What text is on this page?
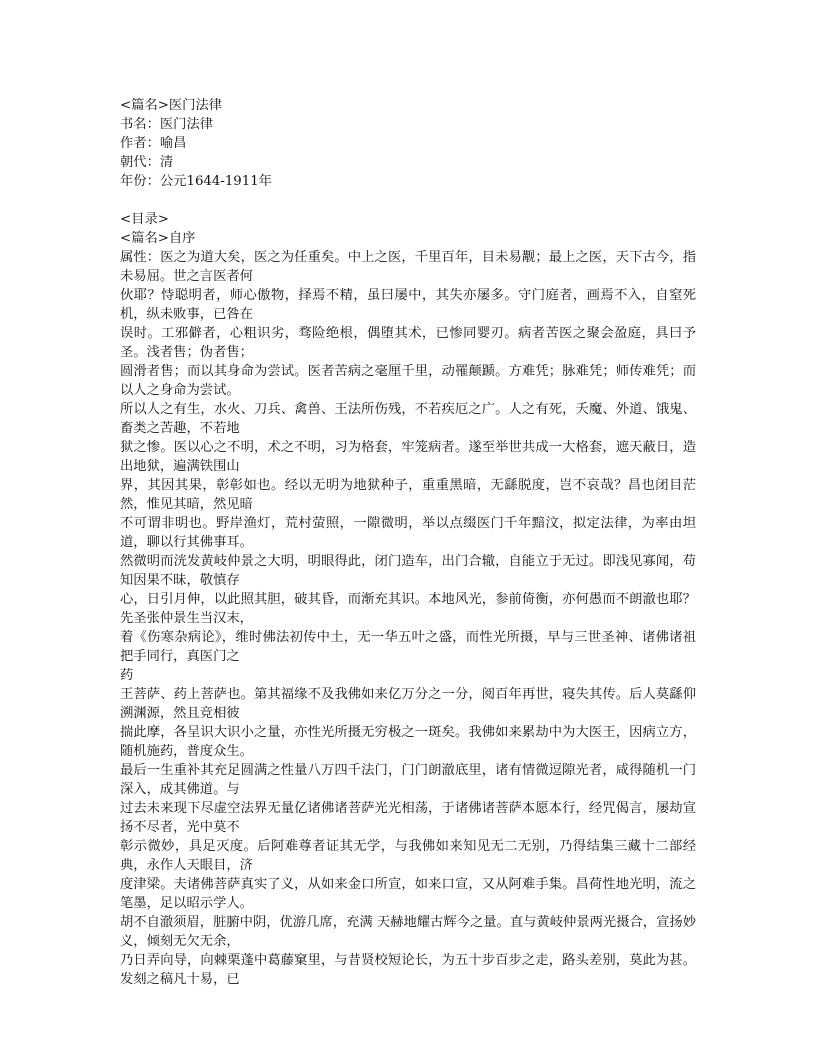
<篇名>医门法律
书名：医门法律
作者：喻昌
朝代：清
年份：公元1644-1911年
<目录>
<篇名>自序
属性：医之为道大矣，医之为任重矣。中上之医，千里百年，目未易觏；最上之医，天下古今，指未易屈。世之言医者何
伙耶？恃聪明者，师心傲物，择焉不精，虽曰屡中，其失亦屡多。守门庭者，画焉不入，自窒死机，纵未败事，已咎在
误时。工邪僻者，心粗识劣，骛险绝根，偶堕其术，已惨同婴刃。病者苦医之聚会盈庭，具曰予圣。浅者售；伪者售；
圆滑者售；而以其身命为尝试。医者苦病之毫厘千里，动罹颠踬。方难凭；脉难凭；师传难凭；而以人之身命为尝试。
所以人之有生，水火、刀兵、禽兽、王法所伤残，不若疾厄之广。人之有死，夭魔、外道、饿鬼、畜类之苦趣，不若地
狱之惨。医以心之不明，术之不明，习为格套，牢笼病者。遂至举世共成一大格套，遮天蔽日，造出地狱，遍满铁围山
界，其因其果，彰彰如也。经以无明为地狱种子，重重黑暗，无繇脱度，岂不哀哉？昌也闭目茫然，惟见其暗，然见暗
不可谓非明也。野岸渔灯，荒村萤照，一隙微明，举以点缀医门千年黯汶，拟定法律，为率由坦道，聊以行其佛事耳。
然微明而洸发黄岐仲景之大明，明眼得此，闭门造车，出门合辙，自能立于无过。即浅见寡闻，苟知因果不昧，敬慎存
心，日引月伸，以此照其胆，破其昏，而渐充其识。本地风光，参前倚衡，亦何愚而不朗澈也耶？先圣张仲景生当汉末，
着《伤寒杂病论》，维时佛法初传中土，无一华五叶之盛，而性光所摄，早与三世圣神、诸佛诸祖把手同行，真医门之
药
王菩萨、药上菩萨也。第其福缘不及我佛如来亿万分之一分，阅百年再世，寝失其传。后人莫繇仰溯渊源，然且竞相彼
揣此摩，各呈识大识小之量，亦性光所摄无穷极之一斑矣。我佛如来累劫中为大医王，因病立方，随机施药，普度众生。
最后一生重补其充足圆满之性量八万四千法门，门门朗澈底里，诸有情微逗隙光者，咸得随机一门深入，成其佛道。与
过去未来现下尽虚空法界无量亿诸佛诸菩萨光光相荡，于诸佛诸菩萨本愿本行，经咒偈言，屡劫宣扬不尽者，光中莫不
彰示微妙，具足灭度。后阿难尊者证其无学，与我佛如来知见无二无别，乃得结集三藏十二部经典，永作人天眼目，济
度津梁。夫诸佛菩萨真实了义，从如来金口所宣，如来口宣，又从阿难手集。昌荷性地光明，流之笔墨，足以昭示学人。
胡不自澈须眉，脏腑中阴，优游几席，充满 天赫地耀古辉今之量。直与黄岐仲景两光摄合，宣扬妙义，倾刻无欠无余，
乃日弄向导，向棘栗蓬中葛藤窠里，与昔贤校短论长，为五十步百步之走，路头差别，莫此为甚。发刻之稿凡十易，已
